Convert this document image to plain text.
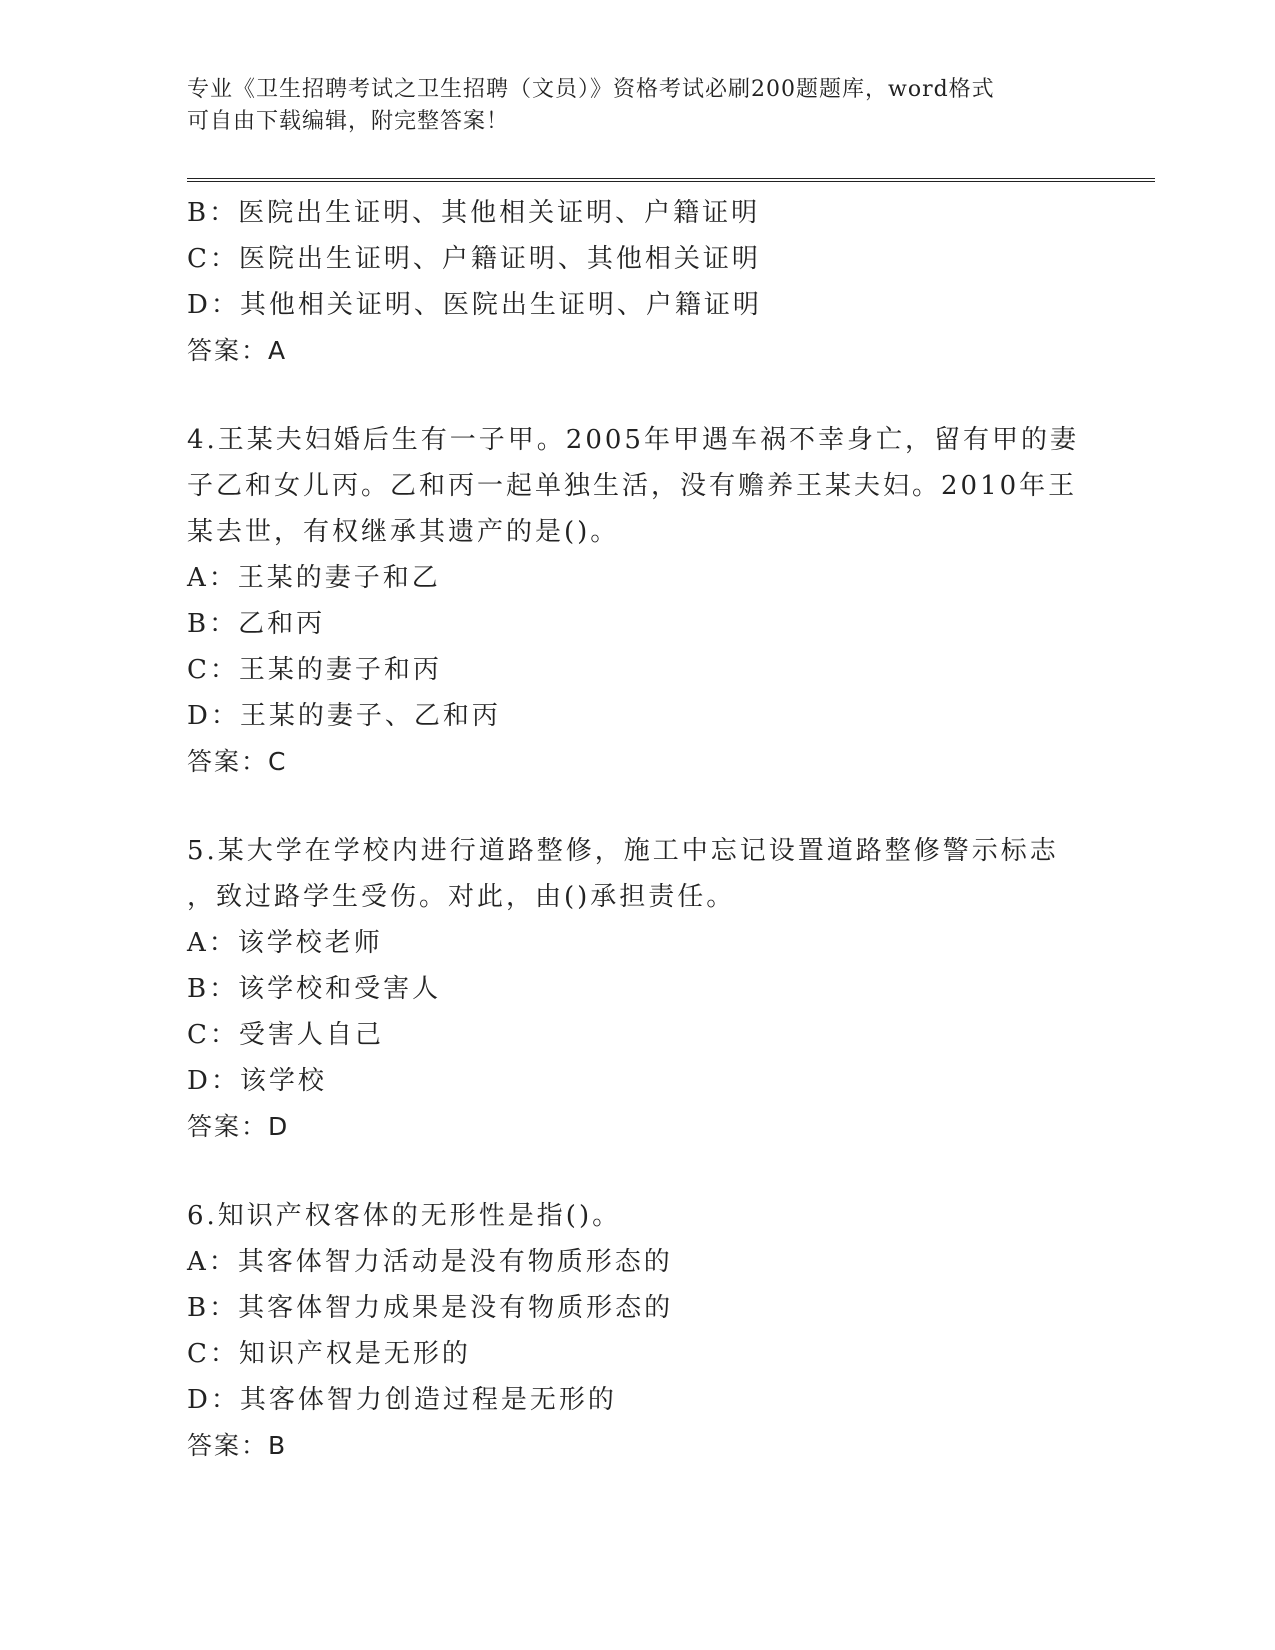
专业《卫生招聘考试之卫生招聘（文员）》资格考试必刷200题题库，word格式
可自由下载编辑，附完整答案！
B：医院出生证明、其他相关证明、户籍证明
C：医院出生证明、户籍证明、其他相关证明
D：其他相关证明、医院出生证明、户籍证明
答案：A
4.王某夫妇婚后生有一子甲。2005年甲遇车祸不幸身亡，留有甲的妻
子乙和女儿丙。乙和丙一起单独生活，没有赡养王某夫妇。2010年王
某去世，有权继承其遗产的是()。
A：王某的妻子和乙
B：乙和丙
C：王某的妻子和丙
D：王某的妻子、乙和丙
答案：C
5.某大学在学校内进行道路整修，施工中忘记设置道路整修警示标志
，致过路学生受伤。对此，由()承担责任。
A：该学校老师
B：该学校和受害人
C：受害人自己
D：该学校
答案：D
6.知识产权客体的无形性是指()。
A：其客体智力活动是没有物质形态的
B：其客体智力成果是没有物质形态的
C：知识产权是无形的
D：其客体智力创造过程是无形的
答案：B
